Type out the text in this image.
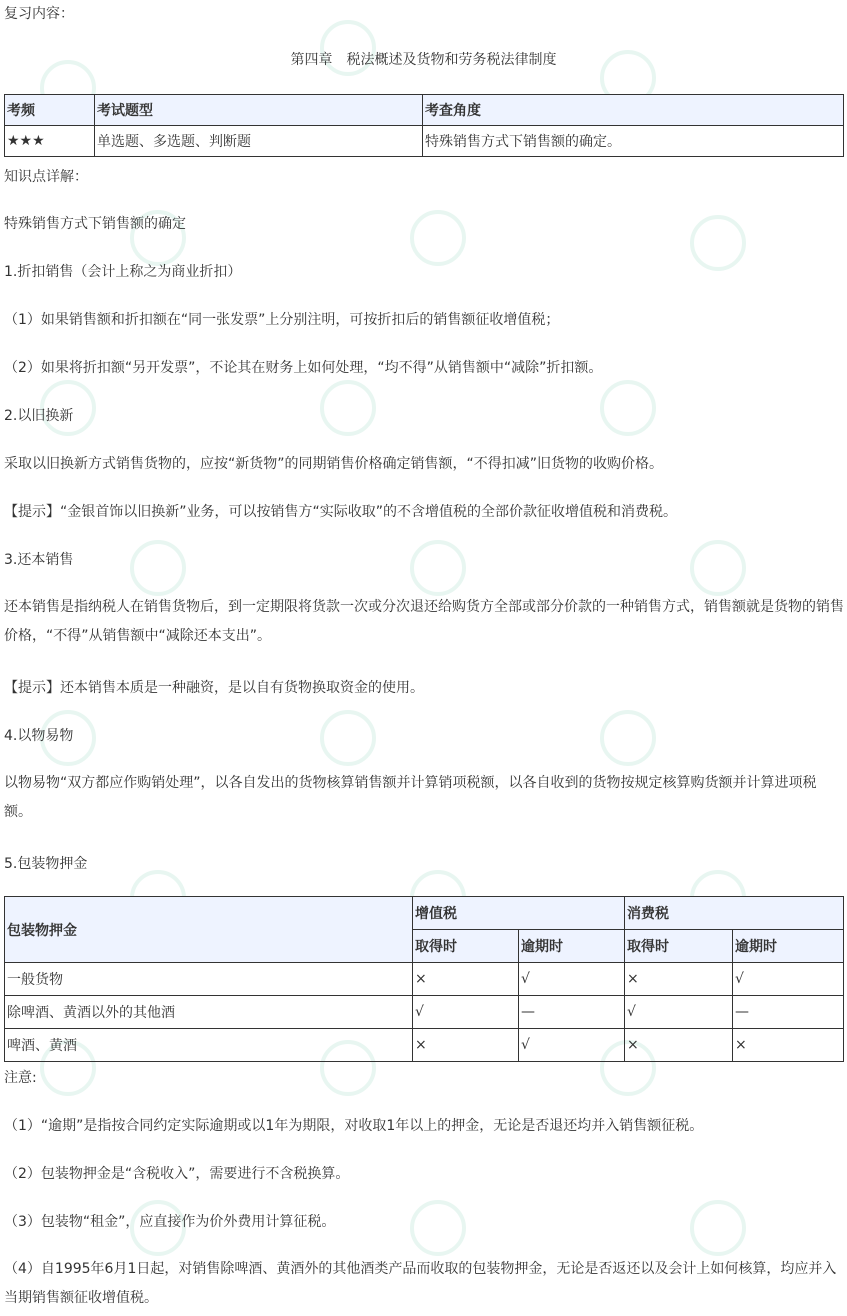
复习内容：
第四章　税法概述及货物和劳务税法律制度
考频	考试题型	考查角度
★★★	单选题、多选题、判断题	特殊销售方式下销售额的确定。
知识点详解：
特殊销售方式下销售额的确定
1.折扣销售（会计上称之为商业折扣）
（1）如果销售额和折扣额在“同一张发票”上分别注明，可按折扣后的销售额征收增值税；
（2）如果将折扣额“另开发票”，不论其在财务上如何处理，“均不得”从销售额中“减除”折扣额。
2.以旧换新
采取以旧换新方式销售货物的，应按“新货物”的同期销售价格确定销售额，“不得扣减”旧货物的收购价格。
【提示】“金银首饰以旧换新”业务，可以按销售方“实际收取”的不含增值税的全部价款征收增值税和消费税。
3.还本销售
还本销售是指纳税人在销售货物后，到一定期限将货款一次或分次退还给购货方全部或部分价款的一种销售方式，销售额就是货物的销售价格，“不得”从销售额中“减除还本支出”。
【提示】还本销售本质是一种融资，是以自有货物换取资金的使用。
4.以物易物
以物易物“双方都应作购销处理”，以各自发出的货物核算销售额并计算销项税额，以各自收到的货物按规定核算购货额并计算进项税额。
5.包装物押金
包装物押金	增值税		消费税	
	取得时	逾期时	取得时	逾期时
一般货物	×	√	×	√
除啤酒、黄酒以外的其他酒	√	—	√	—
啤酒、黄酒	×	√	×	×
注意:
（1）“逾期”是指按合同约定实际逾期或以1年为期限，对收取1年以上的押金，无论是否退还均并入销售额征税。
（2）包装物押金是“含税收入”，需要进行不含税换算。
（3）包装物“租金”，应直接作为价外费用计算征税。
（4）自1995年6月1日起，对销售除啤酒、黄酒外的其他酒类产品而收取的包装物押金，无论是否返还以及会计上如何核算，均应并入当期销售额征收增值税。
